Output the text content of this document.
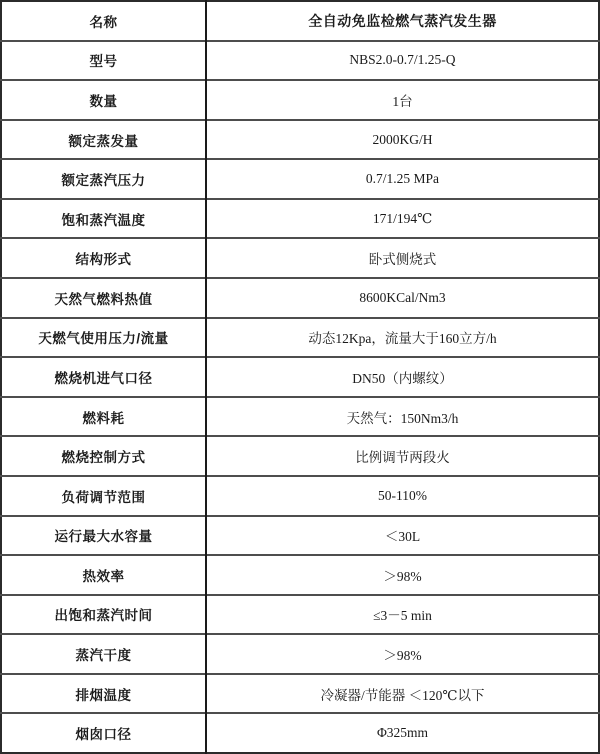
名称	全自动免监检燃气蒸汽发生器
型号	NBS2.0-0.7/1.25-Q
数量	1台
额定蒸发量	2000KG/H
额定蒸汽压力	0.7/1.25 MPa
饱和蒸汽温度	171/194℃
结构形式	卧式侧烧式
天然气燃料热值	8600KCal/Nm3
天燃气使用压力/流量	动态12Kpa，流量大于160立方/h
燃烧机进气口径	DN50（内螺纹）
燃料耗	天然气：150Nm3/h
燃烧控制方式	比例调节两段火
负荷调节范围	50-110%
运行最大水容量	＜30L
热效率	＞98%
出饱和蒸汽时间	≤3－5 min
蒸汽干度	＞98%
排烟温度	冷凝器/节能器 ＜120℃以下
烟囱口径	Φ325mm
